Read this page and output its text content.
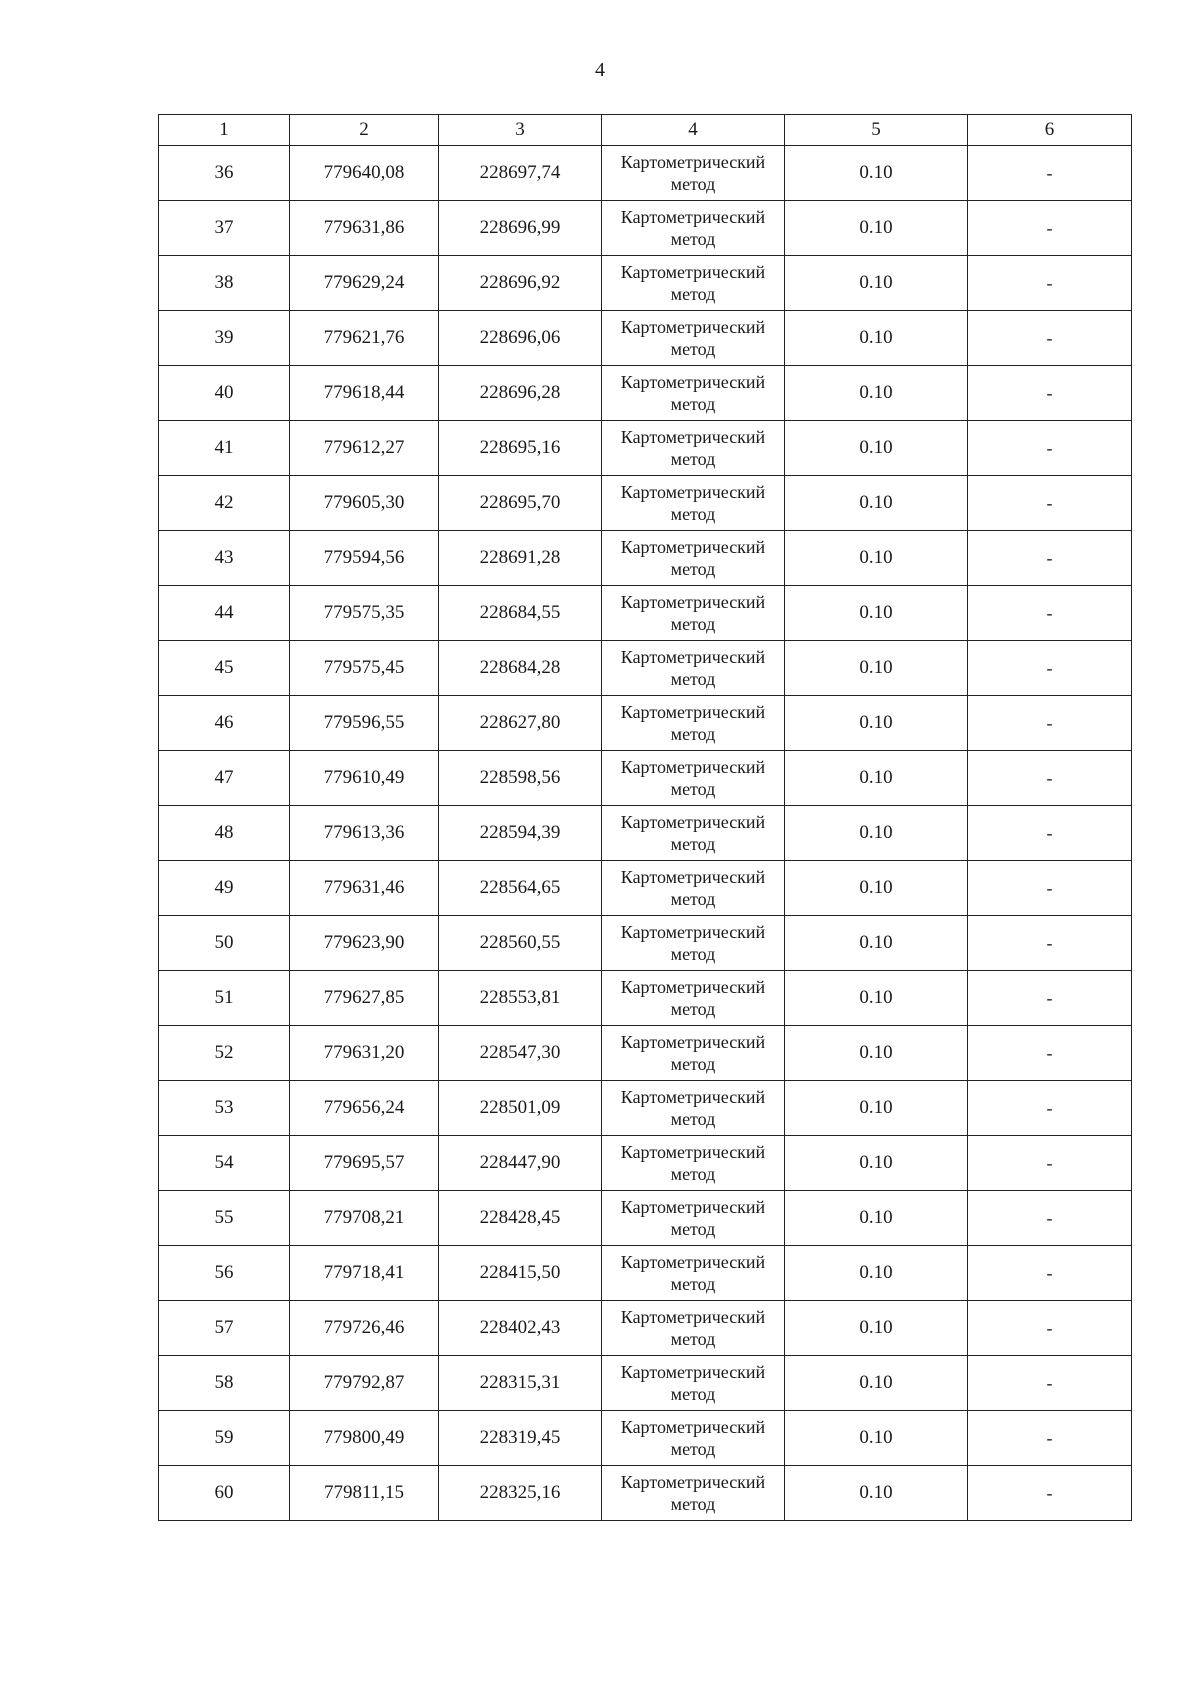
4
1	2	3	4	5	6
36	779640,08	228697,74	Картометрический метод	0.10	-
37	779631,86	228696,99	Картометрический метод	0.10	-
38	779629,24	228696,92	Картометрический метод	0.10	-
39	779621,76	228696,06	Картометрический метод	0.10	-
40	779618,44	228696,28	Картометрический метод	0.10	-
41	779612,27	228695,16	Картометрический метод	0.10	-
42	779605,30	228695,70	Картометрический метод	0.10	-
43	779594,56	228691,28	Картометрический метод	0.10	-
44	779575,35	228684,55	Картометрический метод	0.10	-
45	779575,45	228684,28	Картометрический метод	0.10	-
46	779596,55	228627,80	Картометрический метод	0.10	-
47	779610,49	228598,56	Картометрический метод	0.10	-
48	779613,36	228594,39	Картометрический метод	0.10	-
49	779631,46	228564,65	Картометрический метод	0.10	-
50	779623,90	228560,55	Картометрический метод	0.10	-
51	779627,85	228553,81	Картометрический метод	0.10	-
52	779631,20	228547,30	Картометрический метод	0.10	-
53	779656,24	228501,09	Картометрический метод	0.10	-
54	779695,57	228447,90	Картометрический метод	0.10	-
55	779708,21	228428,45	Картометрический метод	0.10	-
56	779718,41	228415,50	Картометрический метод	0.10	-
57	779726,46	228402,43	Картометрический метод	0.10	-
58	779792,87	228315,31	Картометрический метод	0.10	-
59	779800,49	228319,45	Картометрический метод	0.10	-
60	779811,15	228325,16	Картометрический метод	0.10	-
